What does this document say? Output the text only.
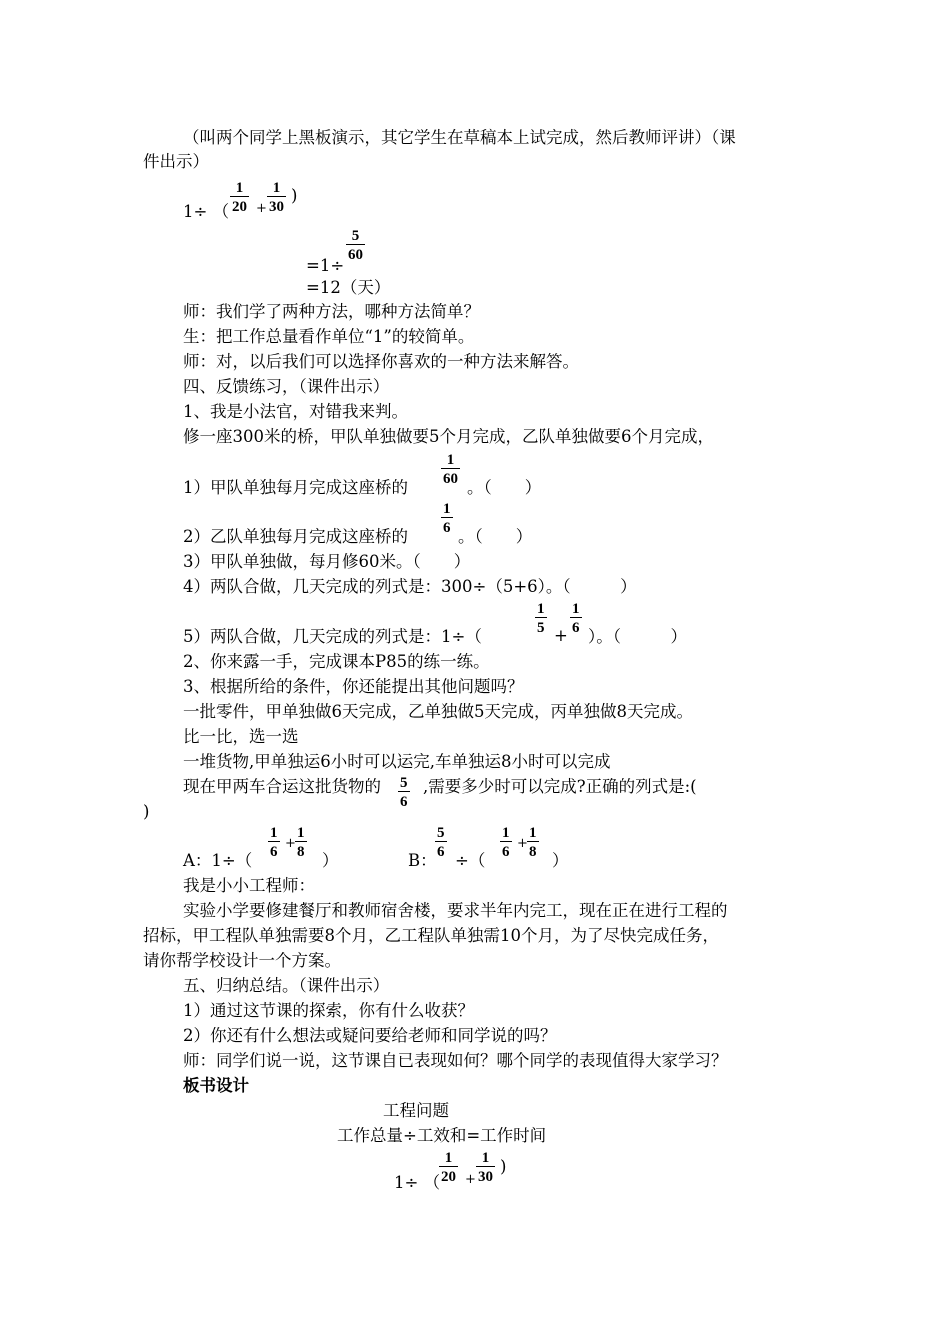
（叫两个同学上黑板演示，其它学生在草稿本上试完成，然后教师评讲）（课
件出示）
1÷ （ $\frac{1}{20} + \frac{1}{30}$ )
=1÷
$\frac{5}{60}$
=12（天）
师：我们学了两种方法，哪种方法简单？
生：把工作总量看作单位“1”的较简单。
师：对，以后我们可以选择你喜欢的一种方法来解答。
四、反馈练习，（课件出示）
1、我是小法官，对错我来判。
修一座300米的桥，甲队单独做要5个月完成，乙队单独做要6个月完成，
1）甲队单独每月完成这座桥的
$\frac{1}{60}$
。（　　）
2）乙队单独每月完成这座桥的
$\frac{1}{6}$
。（　　）
3）甲队单独做，每月修60米。（　　）
4）两队合做，几天完成的列式是：300÷（5+6）。（　　　）
5）两队合做，几天完成的列式是：1÷（
$\frac{1}{5} + \frac{1}{6}$
）。（　　　）
2、你来露一手，完成课本P85的练一练。
3、根据所给的条件，你还能提出其他问题吗？
一批零件，甲单独做6天完成，乙单独做5天完成，丙单独做8天完成。
比一比，选一选
一堆货物,甲单独运6小时可以运完,车单独运8小时可以完成
现在甲两车合运这批货物的 $\frac{5}{6}$ ,需要多少时可以完成?正确的列式是:(
)
A：1÷（
$\frac{1}{6} + \frac{1}{8}$
）	B：
$\frac{5}{6}$
÷（
$\frac{1}{6} + \frac{1}{8}$
）
我是小小工程师：
实验小学要修建餐厅和教师宿舍楼，要求半年内完工，现在正在进行工程的
招标，甲工程队单独需要8个月，乙工程队单独需10个月，为了尽快完成任务，
请你帮学校设计一个方案。
五、归纳总结。（课件出示）
1）通过这节课的探索，你有什么收获？
2）你还有什么想法或疑问要给老师和同学说的吗？
师：同学们说一说，这节课自已表现如何？哪个同学的表现值得大家学习？
板书设计
工程问题
工作总量÷工效和=工作时间
1÷ （
$\frac{1}{20} + \frac{1}{30}$ )
